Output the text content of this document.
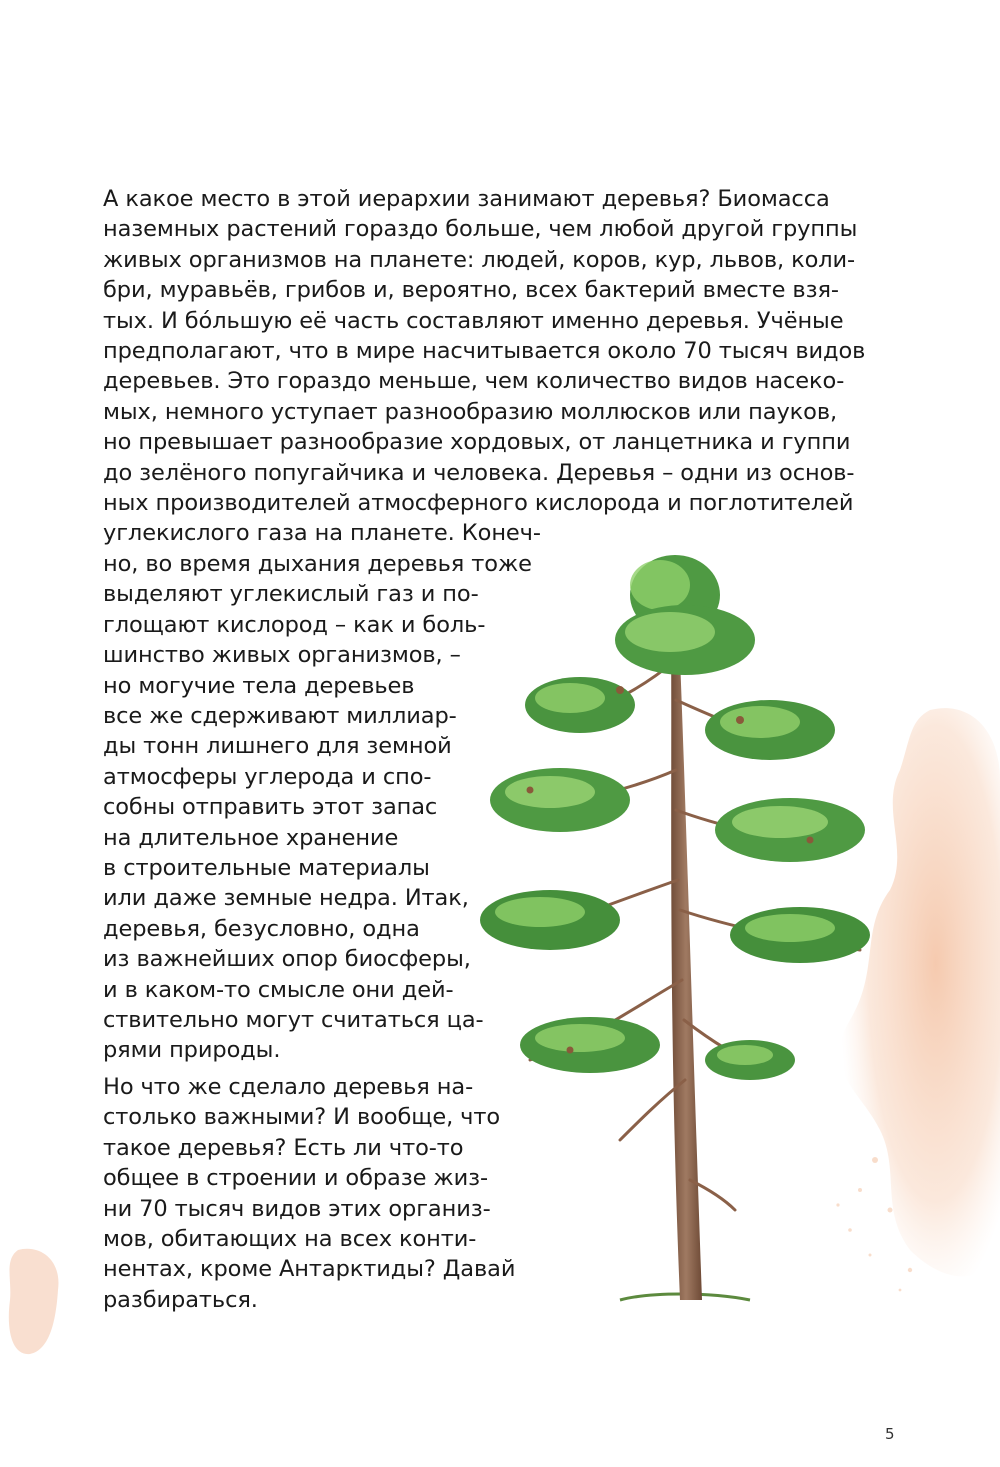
А какое место в этой иерархии занимают деревья? Биомасса
наземных растений гораздо больше, чем любой другой группы
живых организмов на планете: людей, коров, кур, львов, коли-
бри, муравьёв, грибов и, вероятно, всех бактерий вместе взя-
тых. И бо́льшую её часть составляют именно деревья. Учёные
предполагают, что в мире насчитывается около 70 тысяч видов
деревьев. Это гораздо меньше, чем количество видов насеко-
мых, немного уступает разнообразию моллюсков или пауков,
но превышает разнообразие хордовых, от ланцетника и гуппи
до зелёного попугайчика и человека. Деревья – одни из основ-
ных производителей атмосферного кислорода и поглотителей
углекислого газа на планете. Конеч-
но, во время дыхания деревья тоже
выделяют углекислый газ и по-
глощают кислород – как и боль-
шинство живых организмов, –
но могучие тела деревьев
все же сдерживают миллиар-
ды тонн лишнего для земной
атмосферы углерода и спо-
собны отправить этот запас
на длительное хранение
в строительные материалы
или даже земные недра. Итак,
деревья, безусловно, одна
из важнейших опор биосферы,
и в каком-то смысле они дей-
ствительно могут считаться ца-
рями природы.
Но что же сделало деревья на-
столько важными? И вообще, что
такое деревья? Есть ли что-то
общее в строении и образе жиз-
ни 70 тысяч видов этих организ-
мов, обитающих на всех конти-
нентах, кроме Антарктиды? Давай
разбираться.
5
